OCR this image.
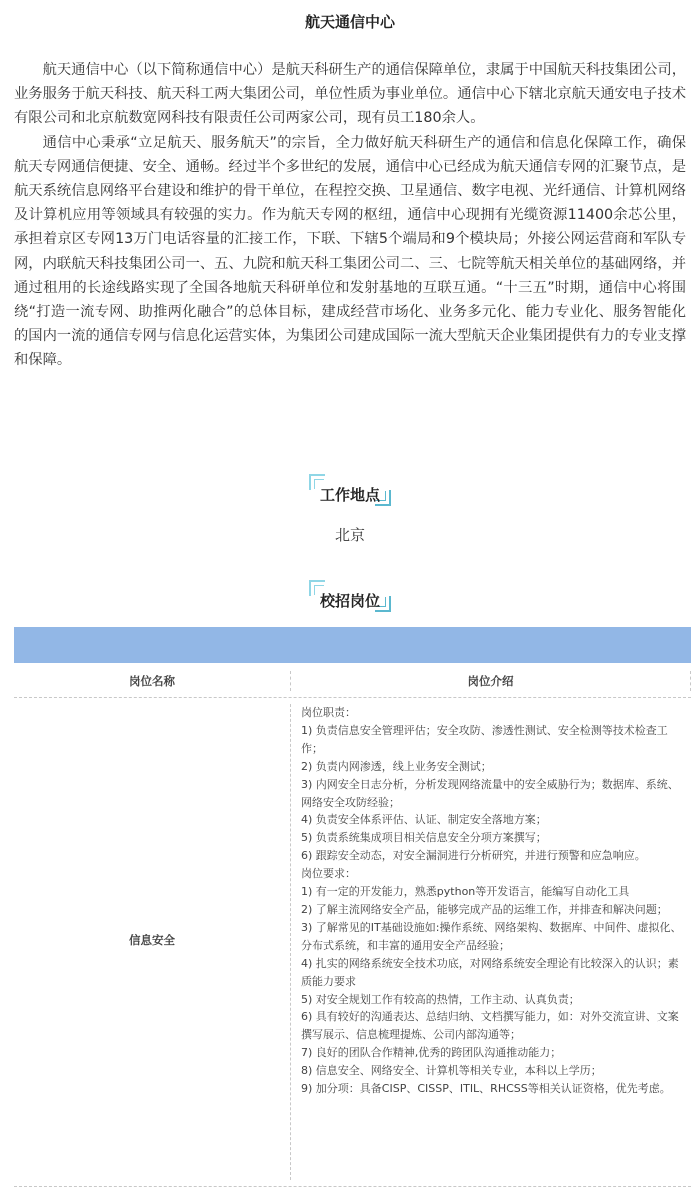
航天通信中心

航天通信中心（以下简称通信中心）是航天科研生产的通信保障单位，隶属于中国航天科技集团公司，业务服务于航天科技、航天科工两大集团公司，单位性质为事业单位。通信中心下辖北京航天通安电子技术有限公司和北京航数宽网科技有限责任公司两家公司，现有员工180余人。

通信中心秉承“立足航天、服务航天”的宗旨，全力做好航天科研生产的通信和信息化保障工作，确保航天专网通信便捷、安全、通畅。经过半个多世纪的发展，通信中心已经成为航天通信专网的汇聚节点，是航天系统信息网络平台建设和维护的骨干单位，在程控交换、卫星通信、数字电视、光纤通信、计算机网络及计算机应用等领域具有较强的实力。作为航天专网的枢纽，通信中心现拥有光缆资源11400余芯公里，承担着京区专网13万门电话容量的汇接工作，下联、下辖5个端局和9个模块局；外接公网运营商和军队专网，内联航天科技集团公司一、五、九院和航天科工集团公司二、三、七院等航天相关单位的基础网络，并通过租用的长途线路实现了全国各地航天科研单位和发射基地的互联互通。“十三五”时期，通信中心将围绕“打造一流专网、助推两化融合”的总体目标，建成经营市场化、业务多元化、能力专业化、服务智能化的国内一流的通信专网与信息化运营实体，为集团公司建成国际一流大型航天企业集团提供有力的专业支撑和保障。

工作地点
北京
校招岗位
岗位名称	岗位介绍
信息安全
岗位职责：
1) 负责信息安全管理评估；安全攻防、渗透性测试、安全检测等技术检查工作；
2) 负责内网渗透，线上业务安全测试；
3) 内网安全日志分析，分析发现网络流量中的安全威胁行为；数据库、系统、网络安全攻防经验；
4) 负责安全体系评估、认证、制定安全落地方案；
5) 负责系统集成项目相关信息安全分项方案撰写；
6) 跟踪安全动态，对安全漏洞进行分析研究，并进行预警和应急响应。
岗位要求：
1) 有一定的开发能力，熟悉python等开发语言，能编写自动化工具
2) 了解主流网络安全产品，能够完成产品的运维工作，并排查和解决问题；
3) 了解常见的IT基础设施如:操作系统、网络架构、数据库、中间件、虚拟化、分布式系统，和丰富的通用安全产品经验；
4) 扎实的网络系统安全技术功底，对网络系统安全理论有比较深入的认识；素质能力要求
5) 对安全规划工作有较高的热情，工作主动、认真负责；
6) 具有较好的沟通表达、总结归纳、文档撰写能力，如：对外交流宣讲、文案撰写展示、信息梳理提炼、公司内部沟通等；
7) 良好的团队合作精神,优秀的跨团队沟通推动能力；
8) 信息安全、网络安全、计算机等相关专业，本科以上学历；
9) 加分项：具备CISP、CISSP、ITIL、RHCSS等相关认证资格，优先考虑。
